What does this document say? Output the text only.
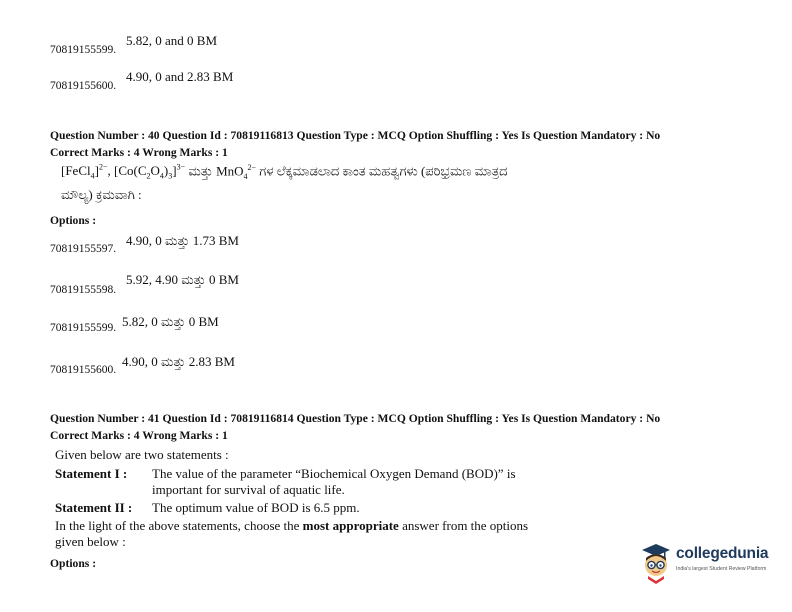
70819155599.
5.82, 0 and 0 BM
70819155600.
4.90, 0 and 2.83 BM
Question Number : 40 Question Id : 70819116813 Question Type : MCQ Option Shuffling : Yes Is Question Mandatory : No
Correct Marks : 4 Wrong Marks : 1
[FeCl$_4$]$^{2-}$, $[Co(C_2O_4)_3]^{3-}$ ಮತ್ತು MnO$_4^{2-}$ ಗಳ ಲೆಕ್ಕಮಾಡಲಾದ ಕಾಂತ ಮಹತ್ವಗಳು (ಪರಿಭ್ರಮಣ ಮಾತ್ರದ
ಮೌಲ್ಯ) ಕ್ರಮವಾಗಿ :
Options :
70819155597.
4.90, 0 ಮತ್ತು 1.73 BM
70819155598.
5.92, 4.90 ಮತ್ತು 0 BM
70819155599. 5.82, 0 ಮತ್ತು 0 BM
70819155600.
4.90, 0 ಮತ್ತು 2.83 BM
Question Number : 41 Question Id : 70819116814 Question Type : MCQ Option Shuffling : Yes Is Question Mandatory : No
Correct Marks : 4 Wrong Marks : 1
Given below are two statements :
Statement I : The value of the parameter “Biochemical Oxygen Demand (BOD)” is
important for survival of aquatic life.
Statement II : The optimum value of BOD is 6.5 ppm.
In the light of the above statements, choose the most appropriate answer from the options
given below :
Options :
collegedunia
India's largest Student Review Platform
